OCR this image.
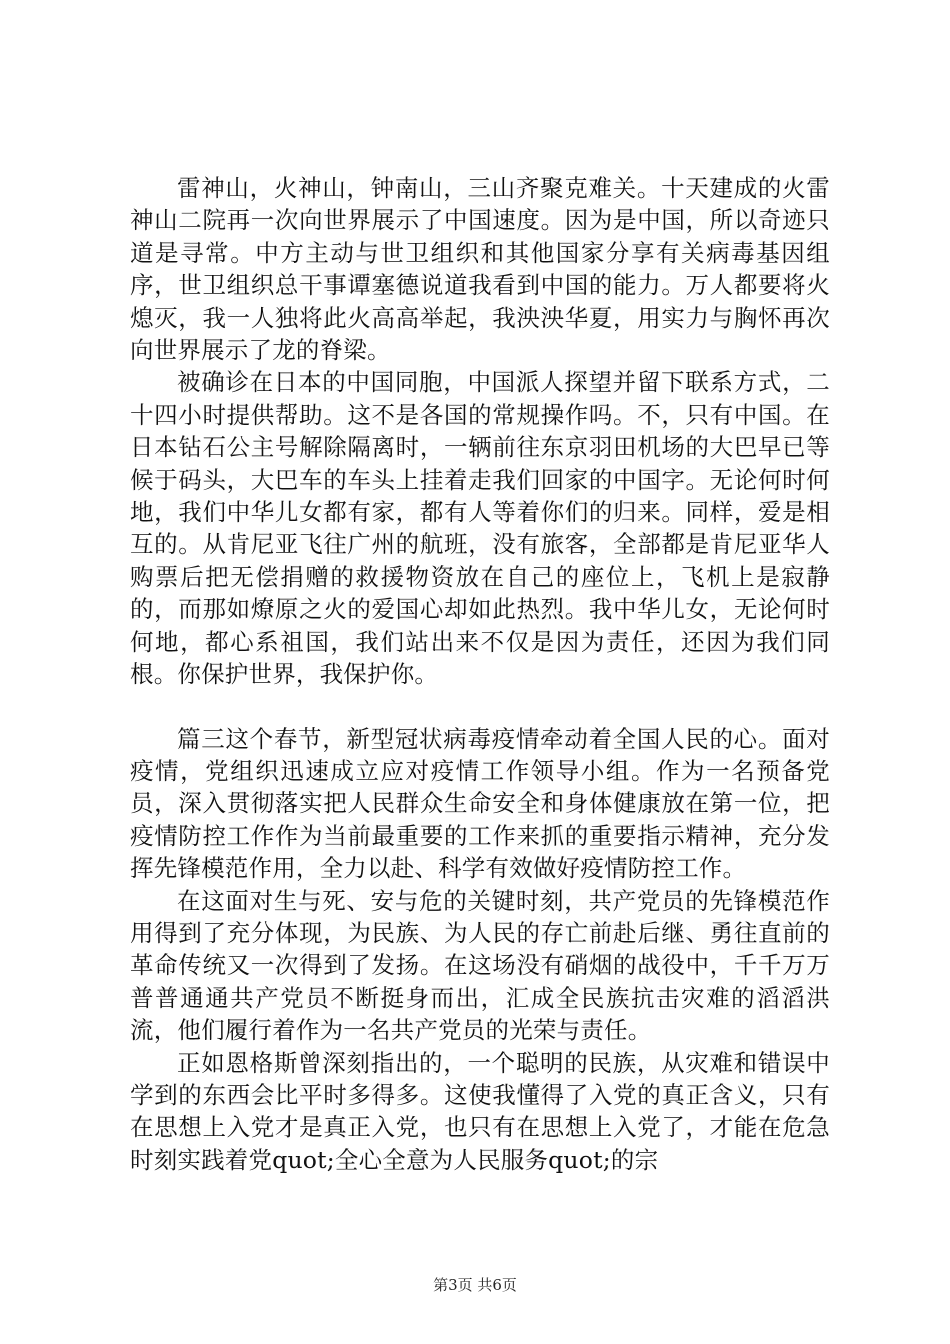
雷神山，火神山，钟南山，三山齐聚克难关。十天建成的火雷神山二院再一次向世界展示了中国速度。因为是中国，所以奇迹只道是寻常。中方主动与世卫组织和其他国家分享有关病毒基因组序，世卫组织总干事谭塞德说道我看到中国的能力。万人都要将火熄灭，我一人独将此火高高举起，我泱泱华夏，用实力与胸怀再次向世界展示了龙的脊梁。

被确诊在日本的中国同胞，中国派人探望并留下联系方式，二十四小时提供帮助。这不是各国的常规操作吗。不，只有中国。在日本钻石公主号解除隔离时，一辆前往东京羽田机场的大巴早已等候于码头，大巴车的车头上挂着走我们回家的中国字。无论何时何地，我们中华儿女都有家，都有人等着你们的归来。同样，爱是相互的。从肯尼亚飞往广州的航班，没有旅客，全部都是肯尼亚华人购票后把无偿捐赠的救援物资放在自己的座位上，飞机上是寂静的，而那如燎原之火的爱国心却如此热烈。我中华儿女，无论何时何地，都心系祖国，我们站出来不仅是因为责任，还因为我们同根。你保护世界，我保护你。

篇三这个春节，新型冠状病毒疫情牵动着全国人民的心。面对疫情，党组织迅速成立应对疫情工作领导小组。作为一名预备党员，深入贯彻落实把人民群众生命安全和身体健康放在第一位，把疫情防控工作作为当前最重要的工作来抓的重要指示精神，充分发挥先锋模范作用，全力以赴、科学有效做好疫情防控工作。

在这面对生与死、安与危的关键时刻，共产党员的先锋模范作用得到了充分体现，为民族、为人民的存亡前赴后继、勇往直前的革命传统又一次得到了发扬。在这场没有硝烟的战役中，千千万万普普通通共产党员不断挺身而出，汇成全民族抗击灾难的滔滔洪流，他们履行着作为一名共产党员的光荣与责任。

正如恩格斯曾深刻指出的，一个聪明的民族，从灾难和错误中学到的东西会比平时多得多。这使我懂得了入党的真正含义，只有在思想上入党才是真正入党，也只有在思想上入党了，才能在危急时刻实践着党quot;全心全意为人民服务quot;的宗

第3页 共6页
